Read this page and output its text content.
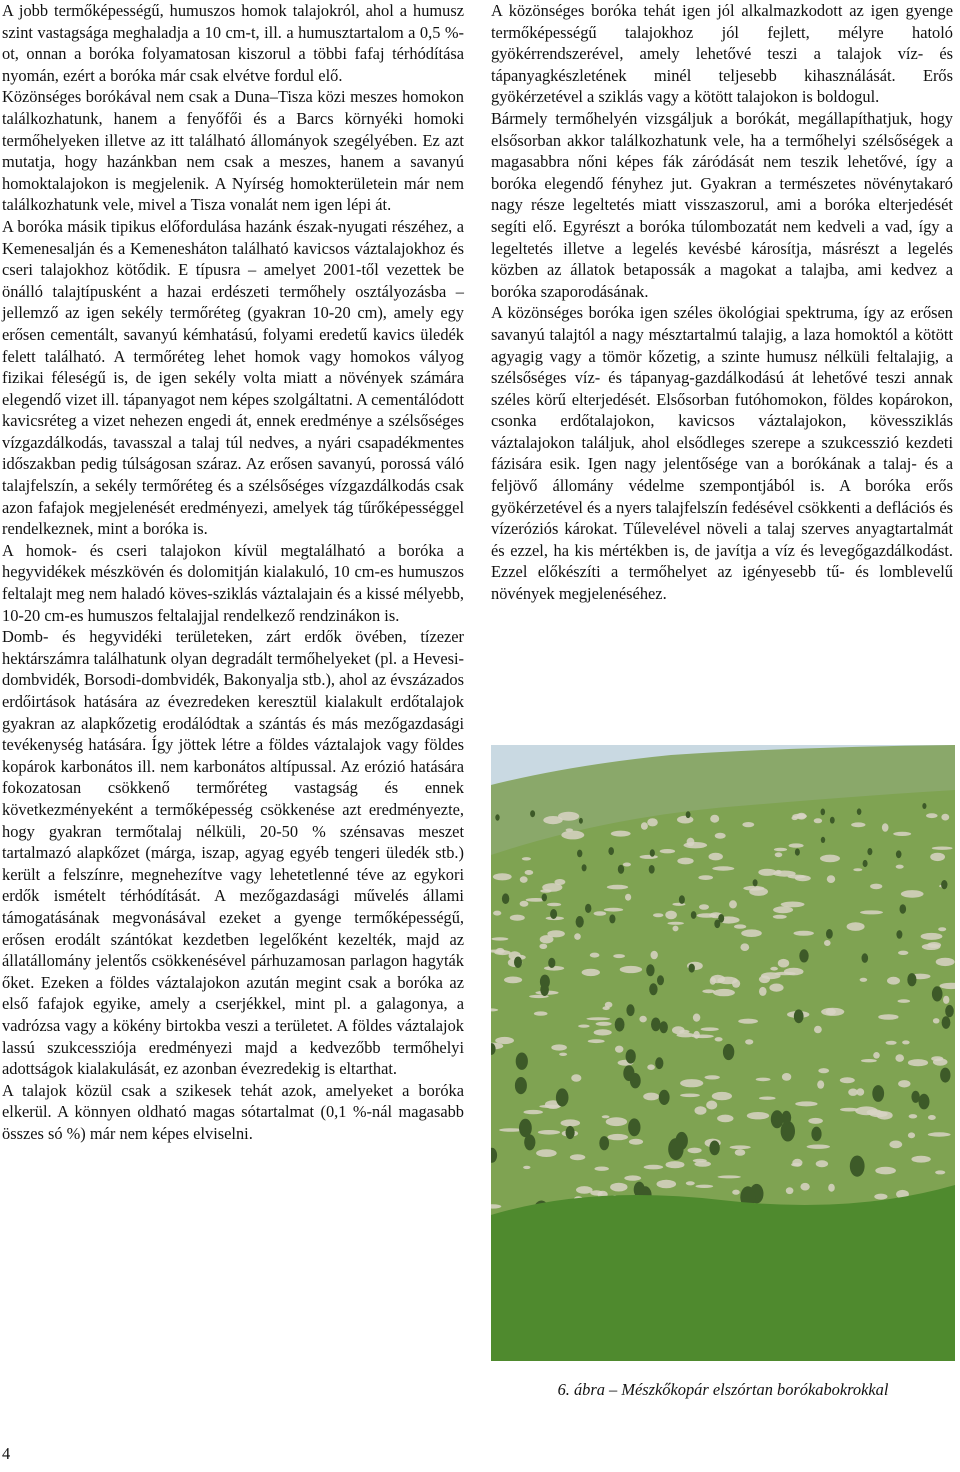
A jobb termőképességű, humuszos homok talajokról, ahol a humusz szint vastagsága meghaladja a 10 cm-t, ill. a humusztartalom a 0,5 %-ot, onnan a boróka folyamatosan kiszorul a többi fafaj térhódítása nyomán, ezért a boróka már csak elvétve fordul elő.

Közönséges borókával nem csak a Duna–Tisza közi meszes homokon találkozhatunk, hanem a fenyőfői és a Barcs környéki homoki termőhelyeken illetve az itt található állományok szegélyében. Ez azt mutatja, hogy hazánkban nem csak a meszes, hanem a savanyú homoktalajokon is megjelenik. A Nyírség homokterületein már nem találkozhatunk vele, mivel a Tisza vonalát nem igen lépi át.

A boróka másik tipikus előfordulása hazánk észak-nyugati részéhez, a Kemenesalján és a Kemenesháton található kavicsos váztalajokhoz és cseri talajokhoz kötődik. E típusra – amelyet 2001-től vezettek be önálló talajtípusként a hazai erdészeti termőhely osztályozásba – jellemző az igen sekély termőréteg (gyakran 10-20 cm), amely egy erősen cementált, savanyú kémhatású, folyami eredetű kavics üledék felett található. A termőréteg lehet homok vagy homokos vályog fizikai féleségű is, de igen sekély volta miatt a növények számára elegendő vizet ill. tápanyagot nem képes szolgáltatni. A cementálódott kavicsréteg a vizet nehezen engedi át, ennek eredménye a szélsőséges vízgazdálkodás, tavasszal a talaj túl nedves, a nyári csapadékmentes időszakban pedig túlságosan száraz. Az erősen savanyú, porossá váló talajfelszín, a sekély termőréteg és a szélsőséges vízgazdálkodás csak azon fafajok megjelenését eredményezi, amelyek tág tűrőképességgel rendelkeznek, mint a boróka is.

A homok- és cseri talajokon kívül megtalálható a boróka a hegyvidékek mészkövén és dolomitján kialakuló, 10 cm-es humuszos feltalajt meg nem haladó köves-sziklás váztalajain és a kissé mélyebb, 10-20 cm-es humuszos feltalajjal rendelkező rendzinákon is.

Domb- és hegyvidéki területeken, zárt erdők övében, tízezer hektárszámra találhatunk olyan degradált termőhelyeket (pl. a Hevesi-dombvidék, Borsodi-dombvidék, Bakonyalja stb.), ahol az évszázados erdőirtások hatására az évezredeken keresztül kialakult erdőtalajok gyakran az alapkőzetig erodálódtak a szántás és más mezőgazdasági tevékenység hatására. Így jöttek létre a földes váztalajok vagy földes kopárok karbonátos ill. nem karbonátos altípussal. Az erózió hatására fokozatosan csökkenő termőréteg vastagság és ennek következményeként a termőképesség csökkenése azt eredményezte, hogy gyakran termőtalaj nélküli, 20-50 % szénsavas meszet tartalmazó alapkőzet (márga, iszap, agyag egyéb tengeri üledék stb.) került a felszínre, megnehezítve vagy lehetetlenné téve az egykori erdők ismételt térhódítását. A mezőgazdasági művelés állami támogatásának megvonásával ezeket a gyenge termőképességű, erősen erodált szántókat kezdetben legelőként kezelték, majd az állatállomány jelentős csökkenésével párhuzamosan parlagon hagyták őket. Ezeken a földes váztalajokon azután megint csak a boróka az első fafajok egyike, amely a cserjékkel, mint pl. a galagonya, a vadrózsa vagy a kökény birtokba veszi a területet. A földes váztalajok lassú szukcessziója eredményezi majd a kedvezőbb termőhelyi adottságok kialakulását, ez azonban évezredekig is eltarthat.

A talajok közül csak a szikesek tehát azok, amelyeket a boróka elkerül. A könnyen oldható magas sótartalmat (0,1 %-nál magasabb összes só %) már nem képes elviselni.

A közönséges boróka tehát igen jól alkalmazkodott az igen gyenge termőképességű talajokhoz jól fejlett, mélyre hatoló gyökérrendszerével, amely lehetővé teszi a talajok víz- és tápanyagkészletének minél teljesebb kihasználását. Erős gyökérzetével a sziklás vagy a kötött talajokon is boldogul.

Bármely termőhelyén vizsgáljuk a borókát, megállapíthatjuk, hogy elsősorban akkor találkozhatunk vele, ha a termőhelyi szélsőségek a magasabbra nőni képes fák záródását nem teszik lehetővé, így a boróka elegendő fényhez jut. Gyakran a természetes növénytakaró nagy része legeltetés miatt visszaszorul, ami a boróka elterjedését segíti elő. Egyrészt a boróka túlombozatát nem kedveli a vad, így a legeltetés illetve a legelés kevésbé károsítja, másrészt a legelés közben az állatok betapossák a magokat a talajba, ami kedvez a boróka szaporodásának.

A közönséges boróka igen széles ökológiai spektruma, így az erősen savanyú talajtól a nagy mésztartalmú talajig, a laza homoktól a kötött agyagig vagy a tömör kőzetig, a szinte humusz nélküli feltalajig, a szélsőséges víz- és tápanyag-gazdálkodású át lehetővé teszi annak széles körű elterjedését. Elsősorban futóhomokon, földes kopárokon, csonka erdőtalajokon, kavicsos váztalajokon, kövessziklás váztalajokon találjuk, ahol elsődleges szerepe a szukcesszió kezdeti fázisára esik. Igen nagy jelentősége van a borókának a talaj- és a feljövő állomány védelme szempontjából is. A boróka erős gyökérzetével és a nyers talajfelszín fedésével csökkenti a deflációs és vízeróziós károkat. Tűlevelével növeli a talaj szerves anyagtartalmát és ezzel, ha kis mértékben is, de javítja a víz és levegőgazdálkodást. Ezzel előkészíti a termőhelyet az igényesebb tű- és lomblevelű növények megjelenéséhez.

6. ábra – Mészkőkopár elszórtan borókabokrokkal
4
